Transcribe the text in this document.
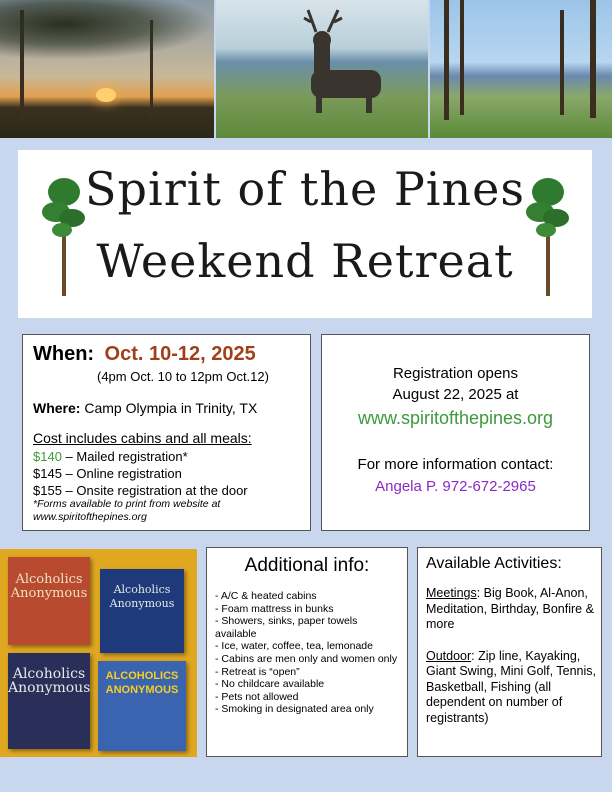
Spirit of the Pines
Weekend Retreat
When: Oct. 10-12, 2025
(4pm Oct. 10 to 12pm Oct.12)
Where: Camp Olympia in Trinity, TX
Cost includes cabins and all meals:
$140 – Mailed registration*
$145 – Online registration
$155 – Onsite registration at the door
*Forms available to print from website at www.spiritofthepines.org
Registration opens
August 22, 2025 at
www.spiritofthepines.org
For more information contact:
Angela P. 972-672-2965
Alcoholics Anonymous	Alcoholics Anonymous
Alcoholics Anonymous
ALCOHOLICS ANONYMOUS
Additional info:
- A/C & heated cabins
- Foam mattress in bunks
- Showers, sinks, paper towels available
- Ice, water, coffee, tea, lemonade
- Cabins are men only and women only
- Retreat is “open”
- No childcare available
- Pets not allowed
- Smoking in designated area only
Available Activities:

Meetings: Big Book, Al-Anon, Meditation, Birthday, Bonfire & more

Outdoor: Zip line, Kayaking, Giant Swing, Mini Golf, Tennis, Basketball, Fishing (all dependent on number of registrants)
